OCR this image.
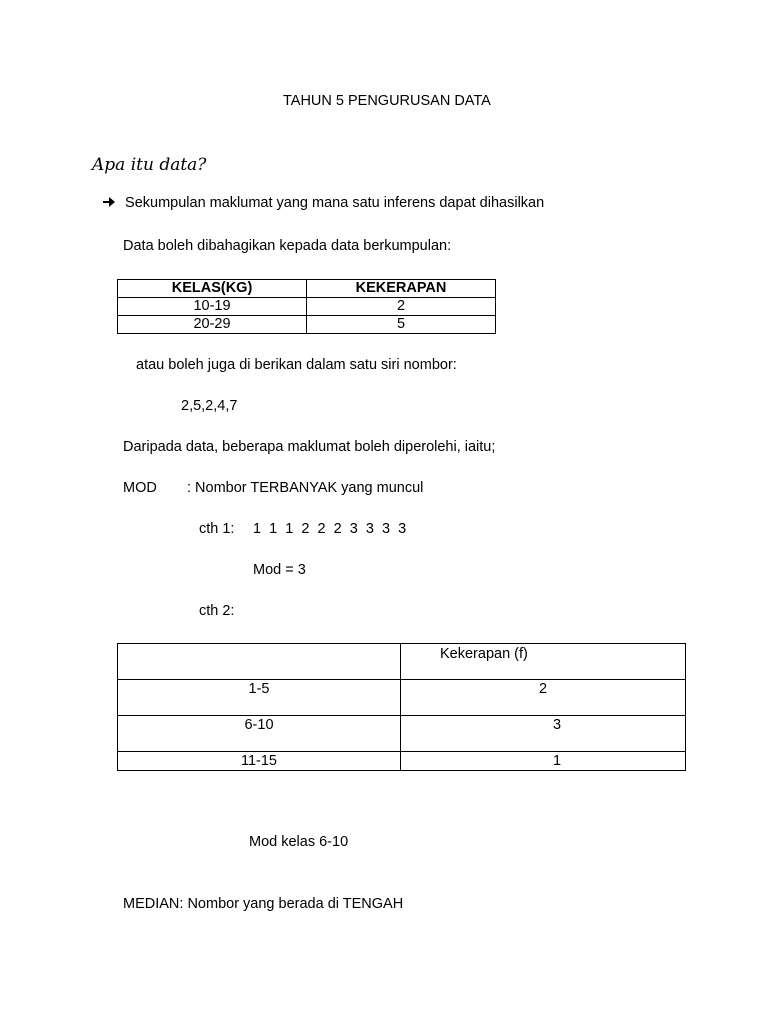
TAHUN 5 PENGURUSAN DATA
Apa itu data?
Sekumpulan maklumat yang mana satu inferens dapat dihasilkan
Data boleh dibahagikan kepada data berkumpulan:
KELAS(KG)	KEKERAPAN
10-19	2
20-29	5
atau boleh juga di berikan dalam satu siri nombor:
2,5,2,4,7
Daripada data, beberapa maklumat boleh diperolehi, iaitu;
MOD : Nombor TERBANYAK yang muncul
cth 1: 1  1  1  2  2  2  3  3  3  3
Mod = 3
cth 2:
	Kekerapan (f)
1-5	2
6-10	3
11-15	1
Mod kelas 6-10
MEDIAN: Nombor yang berada di TENGAH
